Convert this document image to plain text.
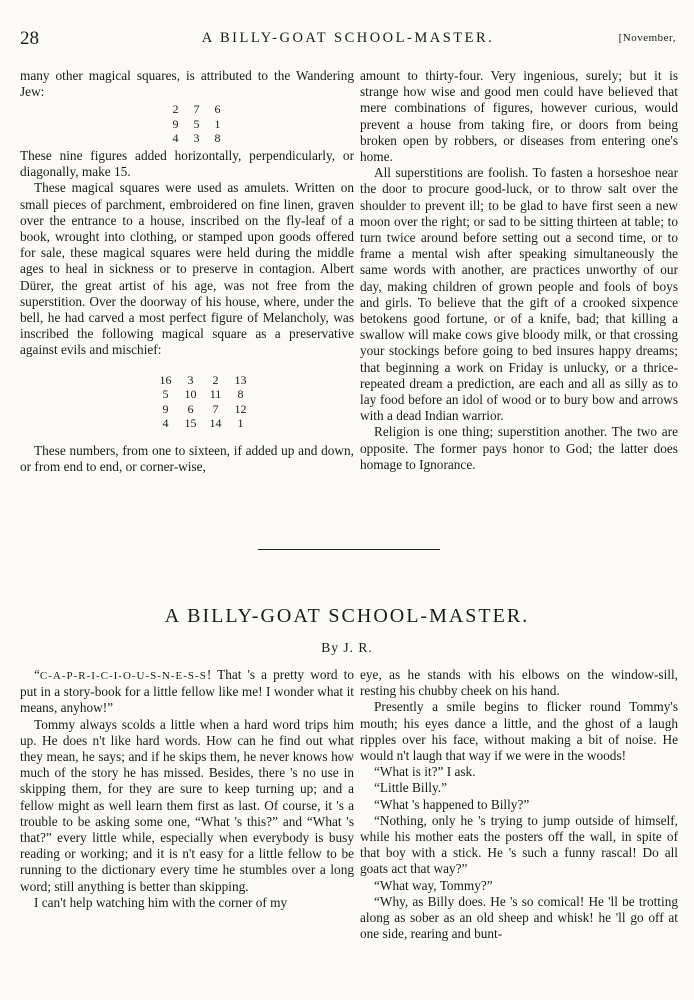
28	A BILLY-GOAT SCHOOL-MASTER.	[November,

many other magical squares, is attributed to the Wandering Jew:

2 7 6
9 5 1
4 3 8

These nine figures added horizontally, perpendicularly, or diagonally, make 15.

These magical squares were used as amulets. Written on small pieces of parchment, embroidered on fine linen, graven over the entrance to a house, inscribed on the fly-leaf of a book, wrought into clothing, or stamped upon goods offered for sale, these magical squares were held during the middle ages to heal in sickness or to preserve in contagion. Albert Dürer, the great artist of his age, was not free from the superstition. Over the doorway of his house, where, under the bell, he had carved a most perfect figure of Melancholy, was inscribed the following magical square as a preservative against evils and mischief:

16 3 2 13
5 10 11 8
9 6 7 12
4 15 14 1

These numbers, from one to sixteen, if added up and down, or from end to end, or corner-wise,

amount to thirty-four. Very ingenious, surely; but it is strange how wise and good men could have believed that mere combinations of figures, however curious, would prevent a house from taking fire, or doors from being broken open by robbers, or diseases from entering one's home.

All superstitions are foolish. To fasten a horseshoe near the door to procure good-luck, or to throw salt over the shoulder to prevent ill; to be glad to have first seen a new moon over the right; or sad to be sitting thirteen at table; to turn twice around before setting out a second time, or to frame a mental wish after speaking simultaneously the same words with another, are practices unworthy of our day, making children of grown people and fools of boys and girls. To believe that the gift of a crooked sixpence betokens good fortune, or of a knife, bad; that killing a swallow will make cows give bloody milk, or that crossing your stockings before going to bed insures happy dreams; that beginning a work on Friday is unlucky, or a thrice-repeated dream a prediction, are each and all as silly as to lay food before an idol of wood or to bury bow and arrows with a dead Indian warrior.

Religion is one thing; superstition another. The two are opposite. The former pays honor to God; the latter does homage to Ignorance.

A BILLY-GOAT SCHOOL-MASTER.
By J. R.

“C-A-P-R-I-C-I-O-U-S-N-E-S-S! That 's a pretty word to put in a story-book for a little fellow like me! I wonder what it means, anyhow!”

Tommy always scolds a little when a hard word trips him up. He does n't like hard words. How can he find out what they mean, he says; and if he skips them, he never knows how much of the story he has missed. Besides, there 's no use in skipping them, for they are sure to keep turning up; and a fellow might as well learn them first as last. Of course, it 's a trouble to be asking some one, “What 's this?” and “What 's that?” every little while, especially when everybody is busy reading or working; and it is n't easy for a little fellow to be running to the dictionary every time he stumbles over a long word; still anything is better than skipping.

I can't help watching him with the corner of my

eye, as he stands with his elbows on the window-sill, resting his chubby cheek on his hand.

Presently a smile begins to flicker round Tommy's mouth; his eyes dance a little, and the ghost of a laugh ripples over his face, without making a bit of noise. He would n't laugh that way if we were in the woods!

“What is it?” I ask.

“Little Billy.”

“What 's happened to Billy?”

“Nothing, only he 's trying to jump outside of himself, while his mother eats the posters off the wall, in spite of that boy with a stick. He 's such a funny rascal! Do all goats act that way?”

“What way, Tommy?”

“Why, as Billy does. He 's so comical! He 'll be trotting along as sober as an old sheep and whisk! he 'll go off at one side, rearing and bunt-
